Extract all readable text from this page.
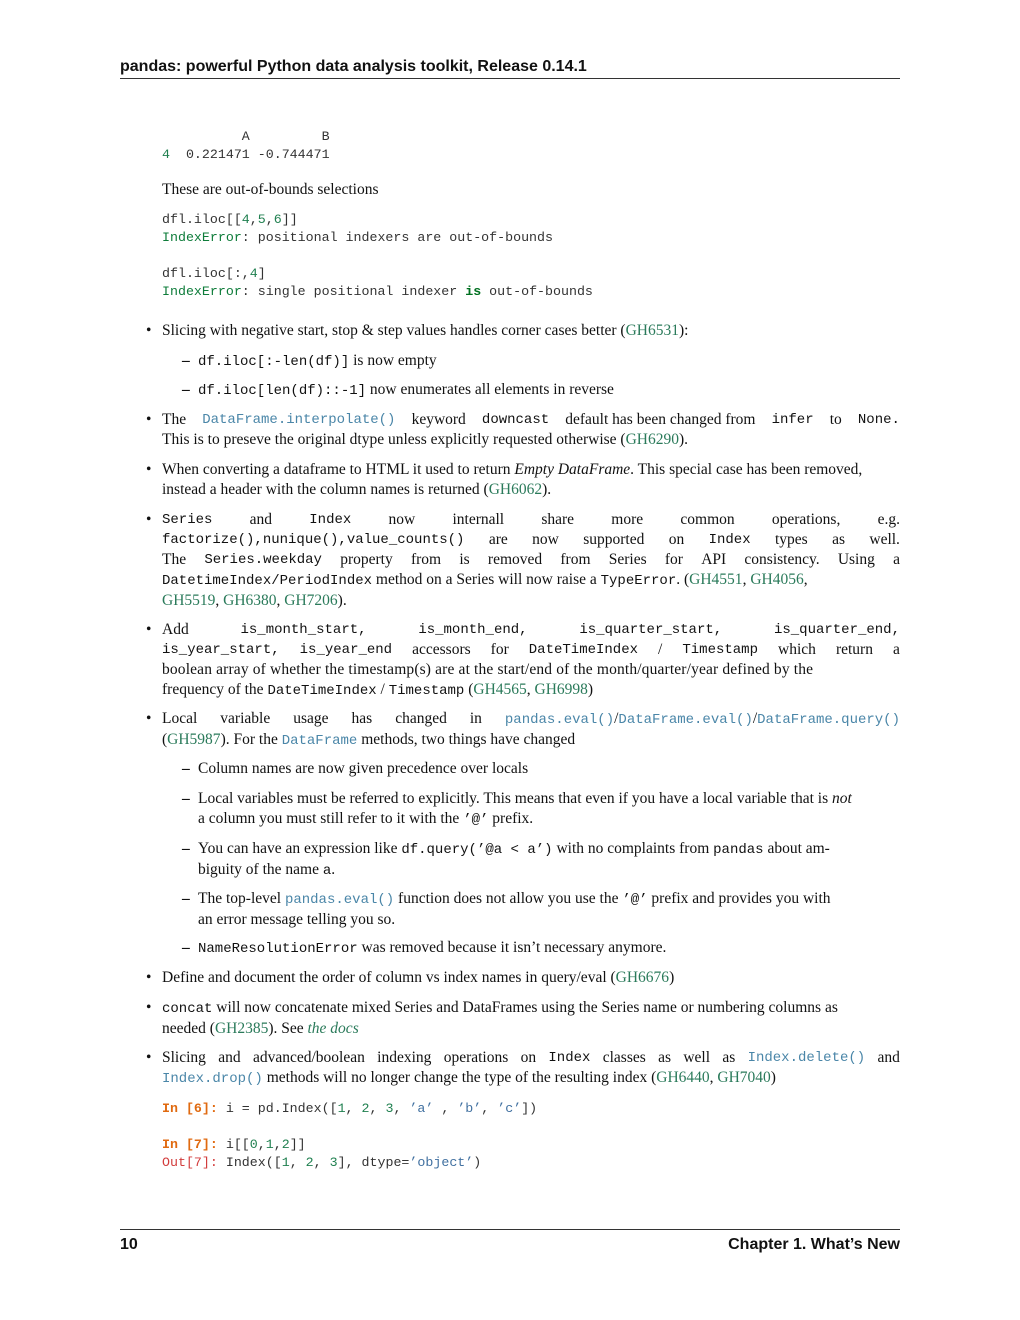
pandas: powerful Python data analysis toolkit, Release 0.14.1
A         B
4  0.221471 -0.744471
These are out-of-bounds selections
dfl.iloc[[4,5,6]]
IndexError: positional indexers are out-of-bounds

dfl.iloc[:,4]
IndexError: single positional indexer is out-of-bounds
• Slicing with negative start, stop & step values handles corner cases better (GH6531):
– df.iloc[:-len(df)] is now empty
– df.iloc[len(df)::-1] now enumerates all elements in reverse
• The DataFrame.interpolate() keyword downcast default has been changed from infer to None.
This is to preseve the original dtype unless explicitly requested otherwise (GH6290).
• When converting a dataframe to HTML it used to return Empty DataFrame. This special case has been removed,
instead a header with the column names is returned (GH6062).
• Series and	Index now internall share more common operations, e.g.
factorize(),nunique(),value_counts() are now supported on Index types as well.
The Series.weekday property from is removed from Series for API consistency. Using a
DatetimeIndex/PeriodIndex method on a Series will now raise a TypeError. (GH4551, GH4056,
GH5519, GH6380, GH7206).
• Add	is_month_start,	is_month_end,	is_quarter_start,	is_quarter_end,
is_year_start, is_year_end accessors for DateTimeIndex / Timestamp which return a
boolean array of whether the timestamp(s) are at the start/end of the month/quarter/year defined by the
frequency of the DateTimeIndex / Timestamp (GH4565, GH6998)
• Local variable usage has changed in pandas.eval()/DataFrame.eval()/DataFrame.query()
(GH5987). For the DataFrame methods, two things have changed
– Column names are now given precedence over locals
– Local variables must be referred to explicitly. This means that even if you have a local variable that is not
a column you must still refer to it with the ’@’ prefix.
– You can have an expression like df.query(’@a < a’) with no complaints from pandas about am-
biguity of the name a.
– The top-level pandas.eval() function does not allow you use the ’@’ prefix and provides you with
an error message telling you so.
– NameResolutionError was removed because it isn’t necessary anymore.
• Define and document the order of column vs index names in query/eval (GH6676)
• concat will now concatenate mixed Series and DataFrames using the Series name or numbering columns as
needed (GH2385). See the docs
• Slicing and advanced/boolean indexing operations on Index classes as well as Index.delete() and
Index.drop() methods will no longer change the type of the resulting index (GH6440, GH7040)
In [6]: i = pd.Index([1, 2, 3, ’a’ , ’b’, ’c’])

In [7]: i[[0,1,2]]
Out[7]: Index([1, 2, 3], dtype=’object’)
10	Chapter 1. What’s New
